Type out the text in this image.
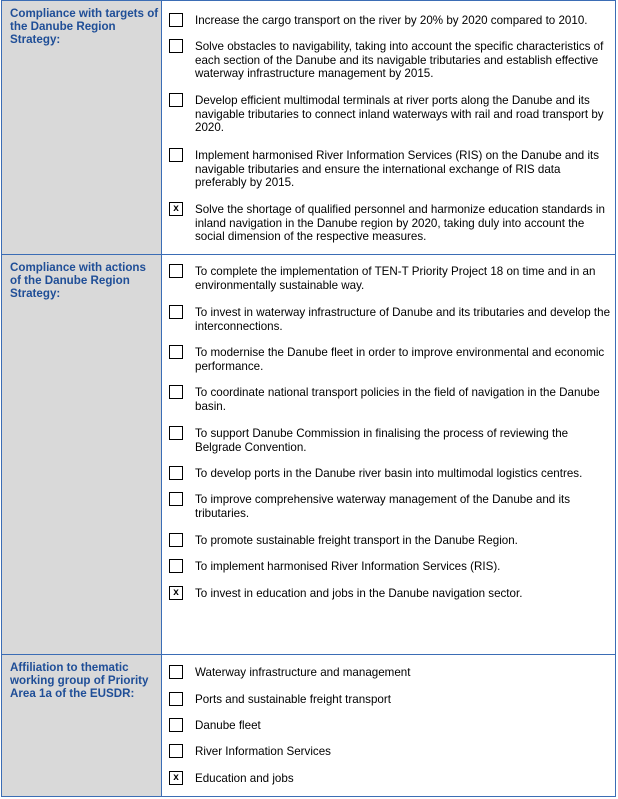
Compliance with targets of the Danube Region Strategy:
Increase the cargo transport on the river by 20% by 2020 compared to 2010.
Solve obstacles to navigability, taking into account the specific characteristics of each section of the Danube and its navigable tributaries and establish effective waterway infrastructure management by 2015.
Develop efficient multimodal terminals at river ports along the Danube and its navigable tributaries to connect inland waterways with rail and road transport by 2020.
Implement harmonised River Information Services (RIS) on the Danube and its navigable tributaries and ensure the international exchange of RIS data preferably by 2015.
x	Solve the shortage of qualified personnel and harmonize education standards in inland navigation in the Danube region by 2020, taking duly into account the social dimension of the respective measures.
Compliance with actions of the Danube Region Strategy:
To complete the implementation of TEN-T Priority Project 18 on time and in an environmentally sustainable way.
To invest in waterway infrastructure of Danube and its tributaries and develop the interconnections.
To modernise the Danube fleet in order to improve environmental and economic performance.
To coordinate national transport policies in the field of navigation in the Danube basin.
To support Danube Commission in finalising the process of reviewing the Belgrade Convention.
To develop ports in the Danube river basin into multimodal logistics centres.
To improve comprehensive waterway management of the Danube and its tributaries.
To promote sustainable freight transport in the Danube Region.
To implement harmonised River Information Services (RIS).
x	To invest in education and jobs in the Danube navigation sector.
Affiliation to thematic working group of Priority Area 1a of the EUSDR:
Waterway infrastructure and management
Ports and sustainable freight transport
Danube fleet
River Information Services
x	Education and jobs
